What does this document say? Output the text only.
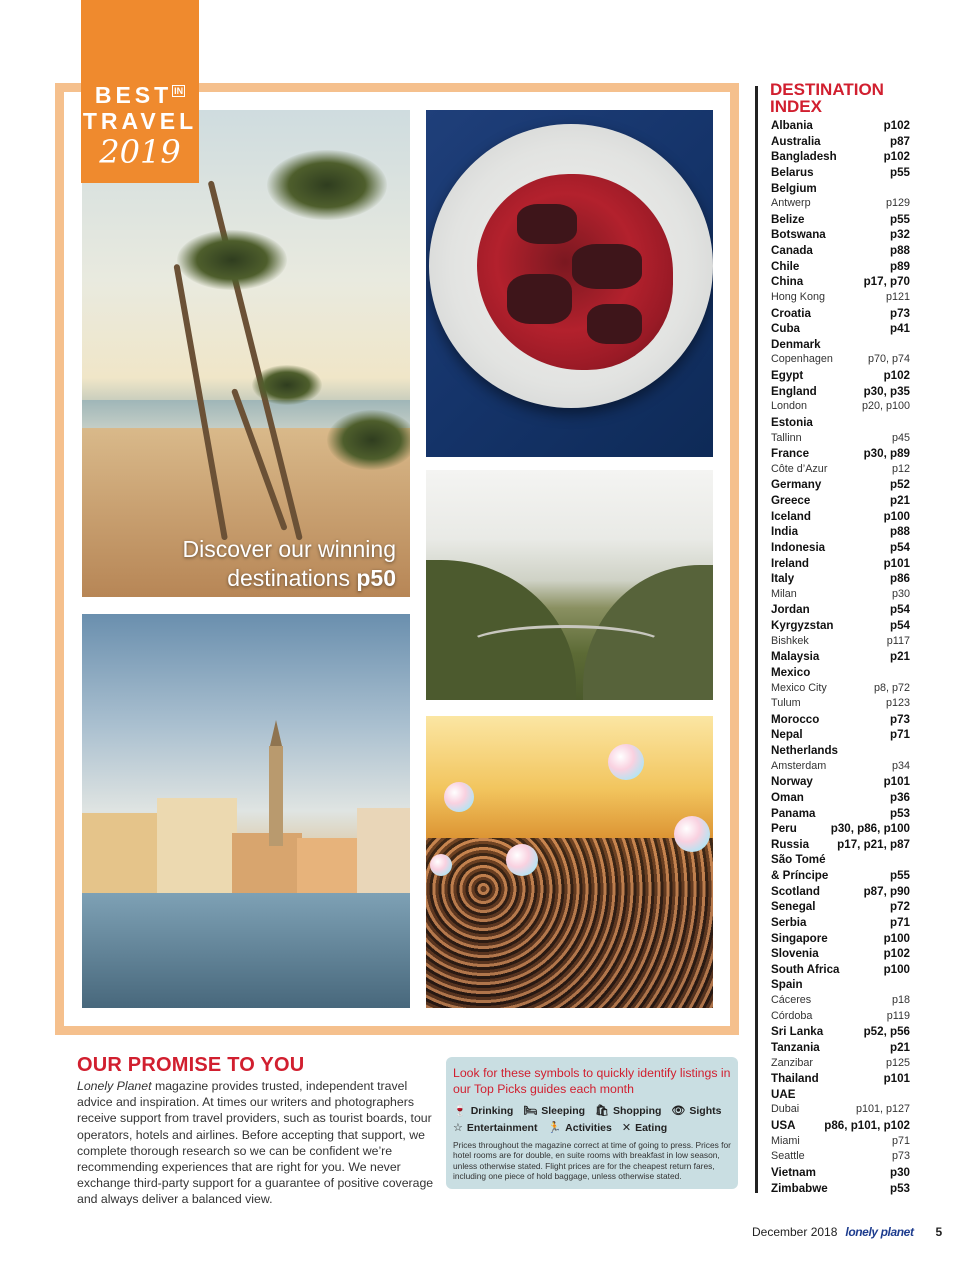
BEST $^{IN}$
TRAVEL
2019
Discover our winning
destinations p50
OUR PROMISE TO YOU
Lonely Planet magazine provides trusted, independent travel advice and inspiration. At times our writers and photographers receive support from travel providers, such as tourist boards, tour operators, hotels and airlines. Before accepting that support, we complete thorough research so we can be confident we’re recommending experiences that are right for you. We never exchange third-party support for a guarantee of positive coverage and always deliver a balanced view.
Look for these symbols to quickly identify listings in our Top Picks guides each month
🍷 Drinking 🛏 Sleeping 🛍 Shopping 👁 Sights
☆ Entertainment 🏃 Activities ✕ Eating
Prices throughout the magazine correct at time of going to press. Prices for hotel rooms are for double, en suite rooms with breakfast in low season, unless otherwise stated. Flight prices are for the cheapest return fares, including one piece of hold baggage, unless otherwise stated.
DESTINATION
INDEX
Albania	p102
Australia	p87
Bangladesh	p102
Belarus	p55
Belgium
Antwerp	p129
Belize	p55
Botswana	p32
Canada	p88
Chile	p89
China	p17, p70
Hong Kong	p121
Croatia	p73
Cuba	p41
Denmark
Copenhagen	p70, p74
Egypt	p102
England	p30, p35
London	p20, p100
Estonia
Tallinn	p45
France	p30, p89
Côte d’Azur	p12
Germany	p52
Greece	p21
Iceland	p100
India	p88
Indonesia	p54
Ireland	p101
Italy	p86
Milan	p30
Jordan	p54
Kyrgyzstan	p54
Bishkek	p117
Malaysia	p21
Mexico
Mexico City	p8, p72
Tulum	p123
Morocco	p73
Nepal	p71
Netherlands
Amsterdam	p34
Norway	p101
Oman	p36
Panama	p53
Peru	p30, p86, p100
Russia p17, p21, p87
São Tomé
& Príncipe	p55
Scotland	p87, p90
Senegal	p72
Serbia	p71
Singapore	p100
Slovenia	p102
South Africa	p100
Spain
Cáceres	p18
Córdoba	p119
Sri Lanka	p52, p56
Tanzania	p21
Zanzibar	p125
Thailand	p101
UAE
Dubai	p101, p127
USA p86, p101, p102
Miami	p71
Seattle	p73
Vietnam	p30
Zimbabwe	p53
December 2018 lonely planet 5
